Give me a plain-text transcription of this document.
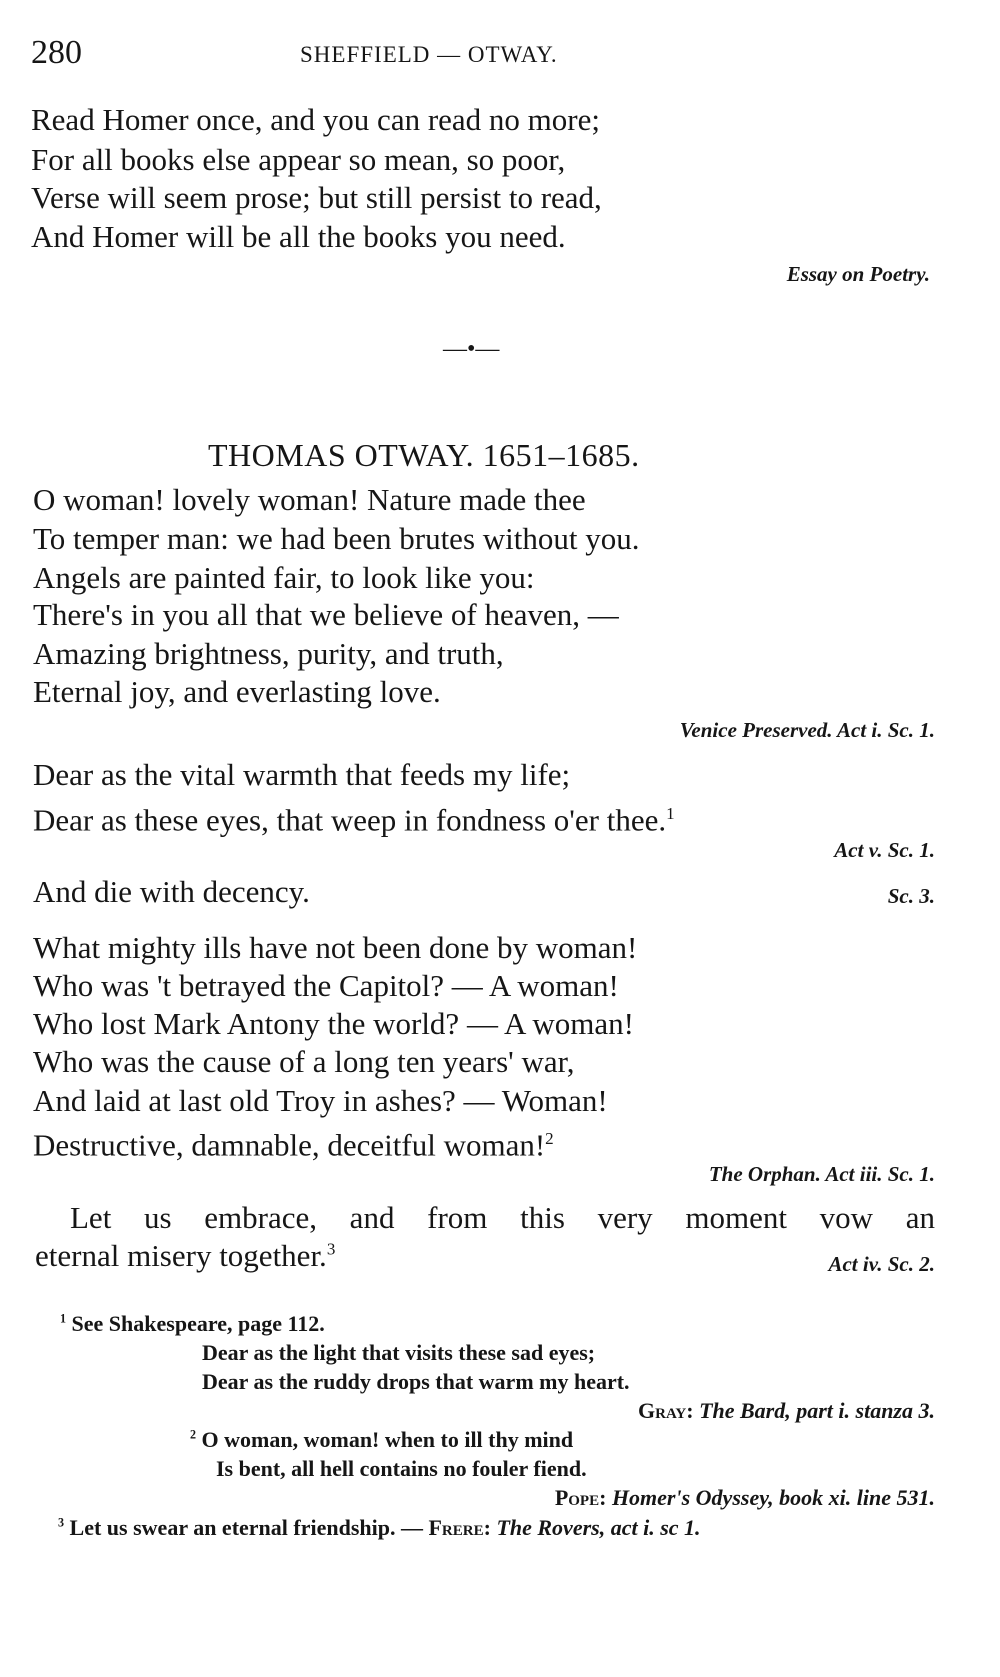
280	SHEFFIELD — OTWAY.
Read Homer once, and you can read no more;
For all books else appear so mean, so poor,
Verse will seem prose; but still persist to read,
And Homer will be all the books you need.
Essay on Poetry.
—•—
THOMAS OTWAY. 1651–1685.
O woman! lovely woman! Nature made thee
To temper man: we had been brutes without you.
Angels are painted fair, to look like you:
There's in you all that we believe of heaven, —
Amazing brightness, purity, and truth,
Eternal joy, and everlasting love.
Venice Preserved. Act i. Sc. 1.
Dear as the vital warmth that feeds my life;
Dear as these eyes, that weep in fondness o'er thee.$^1$
Act v. Sc. 1.
And die with decency.	Sc. 3.
What mighty ills have not been done by woman!
Who was 't betrayed the Capitol? — A woman!
Who lost Mark Antony the world? — A woman!
Who was the cause of a long ten years' war,
And laid at last old Troy in ashes? — Woman!
Destructive, damnable, deceitful woman!$^2$
The Orphan. Act iii. Sc. 1.
Let us embrace, and from this very moment vow an
eternal misery together.$^3$
Act iv. Sc. 2.
$^1$ See Shakespeare, page 112.
Dear as the light that visits these sad eyes;
Dear as the ruddy drops that warm my heart.
Gray: The Bard, part i. stanza 3.
$^2$ O woman, woman! when to ill thy mind
Is bent, all hell contains no fouler fiend.
Pope: Homer's Odyssey, book xi. line 531.
$^3$ Let us swear an eternal friendship. — Frere: The Rovers, act i. sc 1.
